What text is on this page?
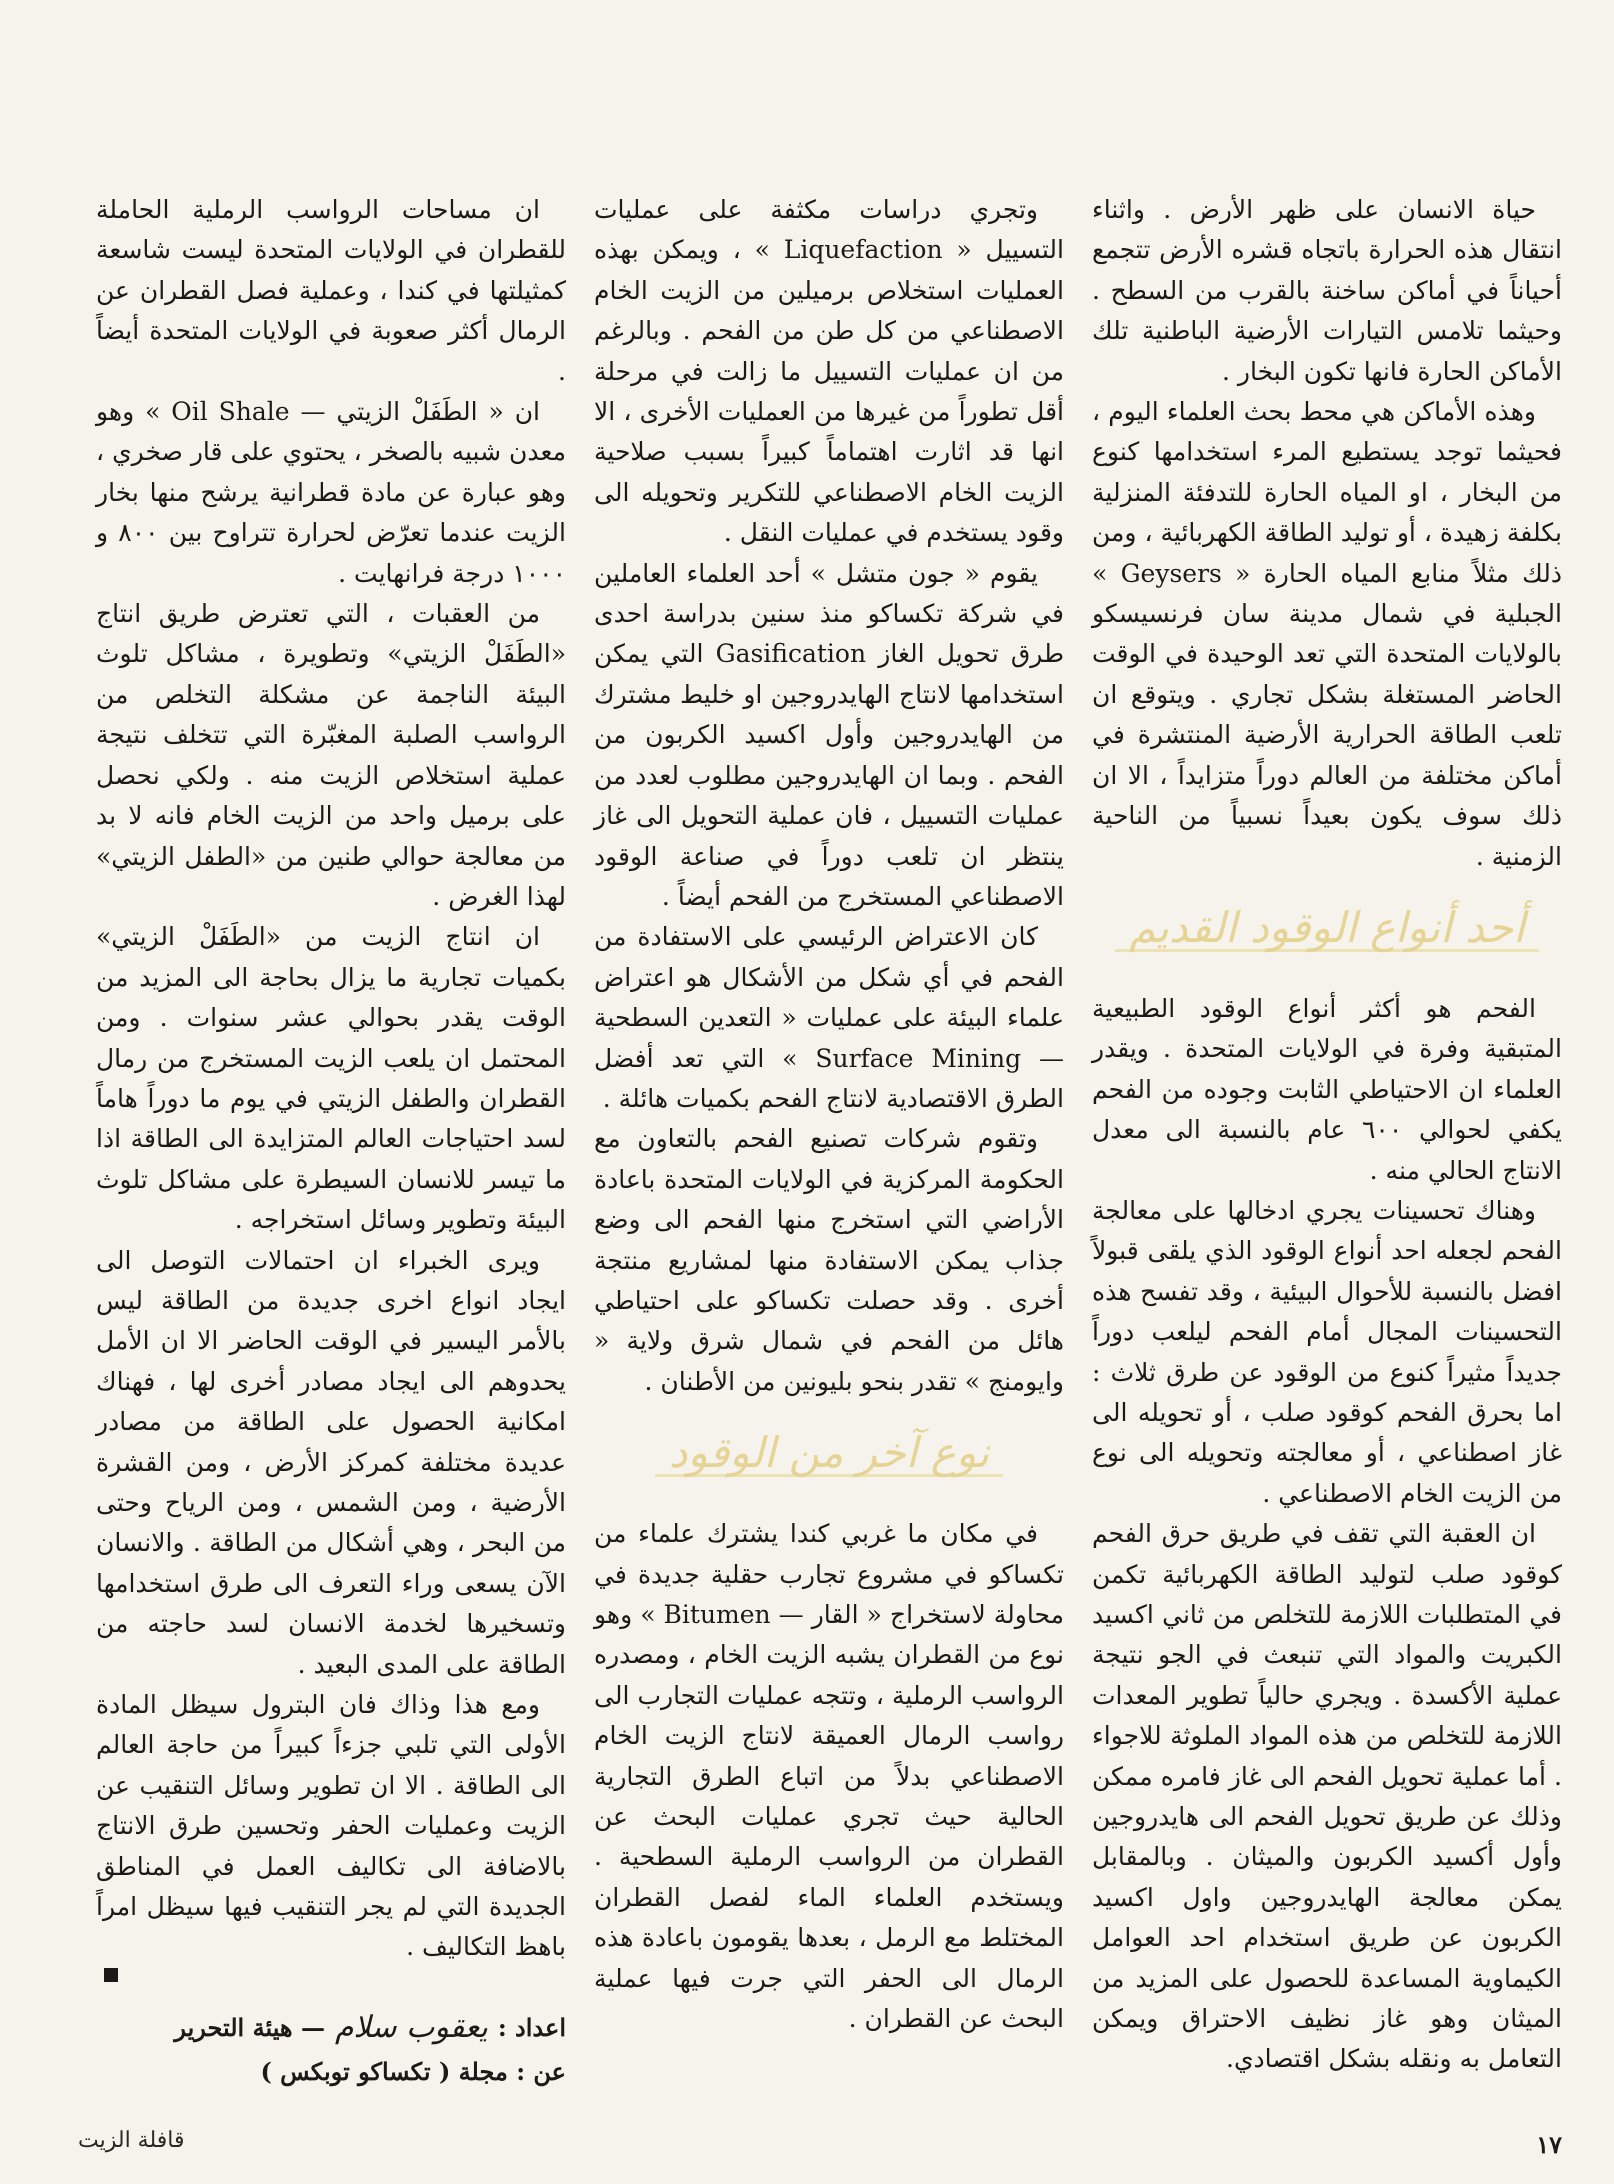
حياة الانسان على ظهر الأرض . واثناء انتقال هذه الحرارة باتجاه قشره الأرض تتجمع أحياناً في أماكن ساخنة بالقرب من السطح . وحيثما تلامس التيارات الأرضية الباطنية تلك الأماكن الحارة فانها تكون البخار .

وهذه الأماكن هي محط بحث العلماء اليوم ، فحيثما توجد يستطيع المرء استخدامها كنوع من البخار ، او المياه الحارة للتدفئة المنزلية بكلفة زهيدة ، أو توليد الطاقة الكهربائية ، ومن ذلك مثلاً منابع المياه الحارة « Geysers » الجبلية في شمال مدينة سان فرنسيسكو بالولايات المتحدة التي تعد الوحيدة في الوقت الحاضر المستغلة بشكل تجاري . ويتوقع ان تلعب الطاقة الحرارية الأرضية المنتشرة في أماكن مختلفة من العالم دوراً متزايداً ، الا ان ذلك سوف يكون بعيداً نسبياً من الناحية الزمنية .

أحد أنواع الوقود القديم

الفحم هو أكثر أنواع الوقود الطبيعية المتبقية وفرة في الولايات المتحدة . ويقدر العلماء ان الاحتياطي الثابت وجوده من الفحم يكفي لحوالي ٦٠٠ عام بالنسبة الى معدل الانتاج الحالي منه .

وهناك تحسينات يجري ادخالها على معالجة الفحم لجعله احد أنواع الوقود الذي يلقى قبولاً افضل بالنسبة للأحوال البيئية ، وقد تفسح هذه التحسينات المجال أمام الفحم ليلعب دوراً جديداً مثيراً كنوع من الوقود عن طرق ثلاث : اما بحرق الفحم كوقود صلب ، أو تحويله الى غاز اصطناعي ، أو معالجته وتحويله الى نوع من الزيت الخام الاصطناعي .

ان العقبة التي تقف في طريق حرق الفحم كوقود صلب لتوليد الطاقة الكهربائية تكمن في المتطلبات اللازمة للتخلص من ثاني اكسيد الكبريت والمواد التي تنبعث في الجو نتيجة عملية الأكسدة . ويجري حالياً تطوير المعدات اللازمة للتخلص من هذه المواد الملوثة للاجواء . أما عملية تحويل الفحم الى غاز فامره ممكن وذلك عن طريق تحويل الفحم الى هايدروجين وأول أكسيد الكربون والميثان . وبالمقابل يمكن معالجة الهايدروجين واول اكسيد الكربون عن طريق استخدام احد العوامل الكيماوية المساعدة للحصول على المزيد من الميثان وهو غاز نظيف الاحتراق ويمكن التعامل به ونقله بشكل اقتصادي.

وتجري دراسات مكثفة على عمليات التسييل « Liquefaction » ، ويمكن بهذه العمليات استخلاص برميلين من الزيت الخام الاصطناعي من كل طن من الفحم . وبالرغم من ان عمليات التسييل ما زالت في مرحلة أقل تطوراً من غيرها من العمليات الأخرى ، الا انها قد اثارت اهتماماً كبيراً بسبب صلاحية الزيت الخام الاصطناعي للتكرير وتحويله الى وقود يستخدم في عمليات النقل .

يقوم « جون متشل » أحد العلماء العاملين في شركة تكساكو منذ سنين بدراسة احدى طرق تحويل الغاز Gasification التي يمكن استخدامها لانتاج الهايدروجين او خليط مشترك من الهايدروجين وأول اكسيد الكربون من الفحم . وبما ان الهايدروجين مطلوب لعدد من عمليات التسييل ، فان عملية التحويل الى غاز ينتظر ان تلعب دوراً في صناعة الوقود الاصطناعي المستخرج من الفحم أيضاً .

كان الاعتراض الرئيسي على الاستفادة من الفحم في أي شكل من الأشكال هو اعتراض علماء البيئة على عمليات « التعدين السطحية — Surface Mining » التي تعد أفضل الطرق الاقتصادية لانتاج الفحم بكميات هائلة .

وتقوم شركات تصنيع الفحم بالتعاون مع الحكومة المركزية في الولايات المتحدة باعادة الأراضي التي استخرج منها الفحم الى وضع جذاب يمكن الاستفادة منها لمشاريع منتجة أخرى . وقد حصلت تكساكو على احتياطي هائل من الفحم في شمال شرق ولاية « وايومنج » تقدر بنحو بليونين من الأطنان .

نوع آخر من الوقود

في مكان ما غربي كندا يشترك علماء من تكساكو في مشروع تجارب حقلية جديدة في محاولة لاستخراج « القار — Bitumen » وهو نوع من القطران يشبه الزيت الخام ، ومصدره الرواسب الرملية ، وتتجه عمليات التجارب الى رواسب الرمال العميقة لانتاج الزيت الخام الاصطناعي بدلاً من اتباع الطرق التجارية الحالية حيث تجري عمليات البحث عن القطران من الرواسب الرملية السطحية . ويستخدم العلماء الماء لفصل القطران المختلط مع الرمل ، بعدها يقومون باعادة هذه الرمال الى الحفر التي جرت فيها عملية البحث عن القطران .

ان مساحات الرواسب الرملية الحاملة للقطران في الولايات المتحدة ليست شاسعة كمثيلتها في كندا ، وعملية فصل القطران عن الرمال أكثر صعوبة في الولايات المتحدة أيضاً .

ان « الطَفَلْ الزيتي — Oil Shale » وهو معدن شبيه بالصخر ، يحتوي على قار صخري ، وهو عبارة عن مادة قطرانية يرشح منها بخار الزيت عندما تعرّض لحرارة تتراوح بين ٨٠٠ و ١٠٠٠ درجة فرانهايت .

من العقبات ، التي تعترض طريق انتاج «الطَفَلْ الزيتي» وتطويرة ، مشاكل تلوث البيئة الناجمة عن مشكلة التخلص من الرواسب الصلبة المغبّرة التي تتخلف نتيجة عملية استخلاص الزيت منه . ولكي نحصل على برميل واحد من الزيت الخام فانه لا بد من معالجة حوالي طنين من «الطفل الزيتي» لهذا الغرض .

ان انتاج الزيت من «الطَفَلْ الزيتي» بكميات تجارية ما يزال بحاجة الى المزيد من الوقت يقدر بحوالي عشر سنوات . ومن المحتمل ان يلعب الزيت المستخرج من رمال القطران والطفل الزيتي في يوم ما دوراً هاماً لسد احتياجات العالم المتزايدة الى الطاقة اذا ما تيسر للانسان السيطرة على مشاكل تلوث البيئة وتطوير وسائل استخراجه .

ويرى الخبراء ان احتمالات التوصل الى ايجاد انواع اخرى جديدة من الطاقة ليس بالأمر اليسير في الوقت الحاضر الا ان الأمل يحدوهم الى ايجاد مصادر أخرى لها ، فهناك امكانية الحصول على الطاقة من مصادر عديدة مختلفة كمركز الأرض ، ومن القشرة الأرضية ، ومن الشمس ، ومن الرياح وحتى من البحر ، وهي أشكال من الطاقة . والانسان الآن يسعى وراء التعرف الى طرق استخدامها وتسخيرها لخدمة الانسان لسد حاجته من الطاقة على المدى البعيد .

ومع هذا وذاك فان البترول سيظل المادة الأولى التي تلبي جزءاً كبيراً من حاجة العالم الى الطاقة . الا ان تطوير وسائل التنقيب عن الزيت وعمليات الحفر وتحسين طرق الانتاج بالاضافة الى تكاليف العمل في المناطق الجديدة التي لم يجر التنقيب فيها سيظل امراً باهظ التكاليف .

اعداد :
يعقوب سلام
— هيئة التحرير
عن : مجلة ( تكساكو توبكس )
١٧
قافلة الزيت
